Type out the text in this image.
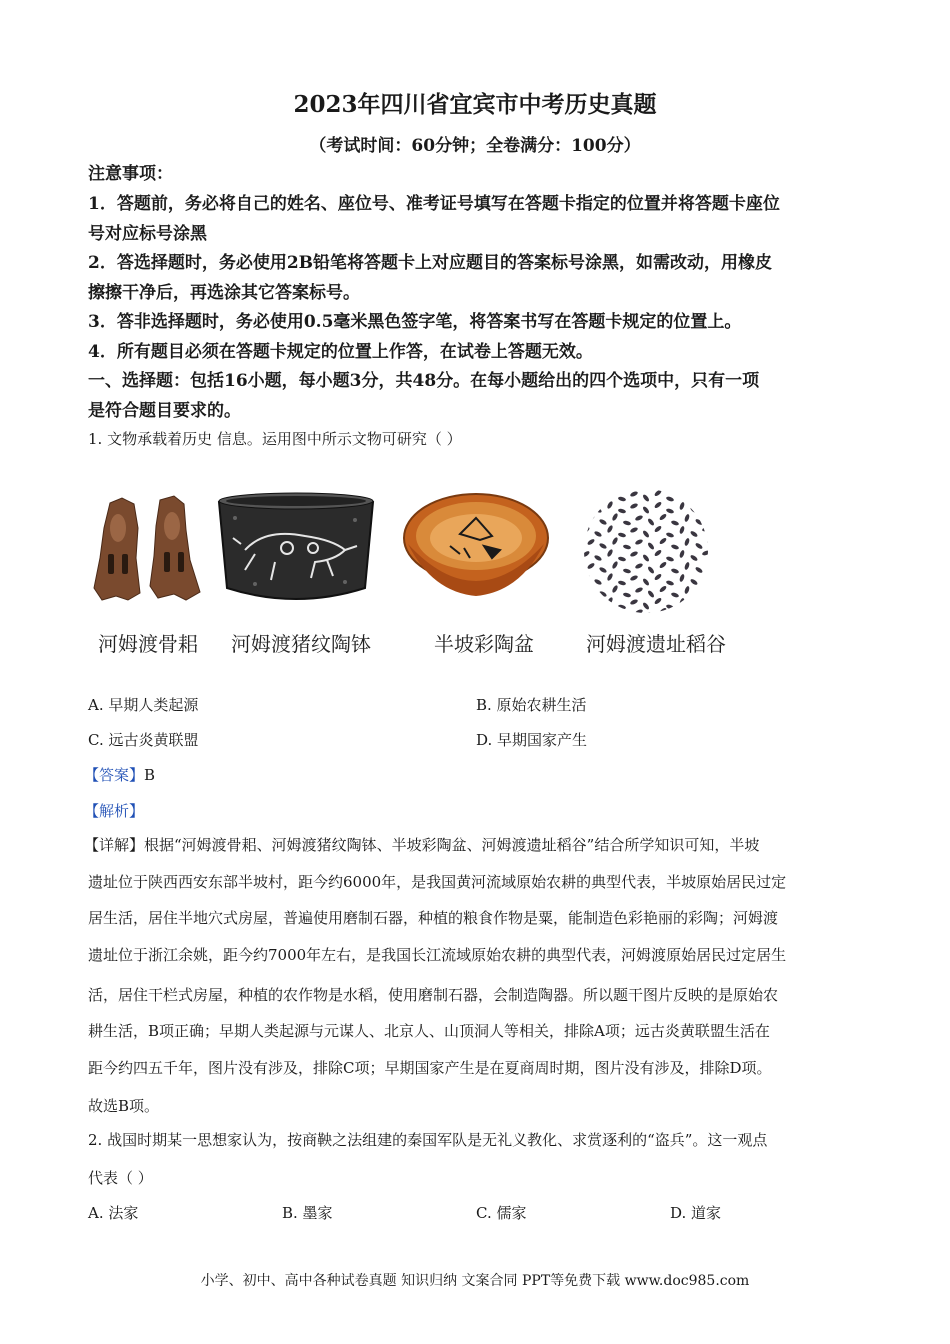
2023年四川省宜宾市中考历史真题
（考试时间：60分钟；全卷满分：100分）
注意事项：
1．答题前，务必将自己的姓名、座位号、准考证号填写在答题卡指定的位置并将答题卡座位
号对应标号涂黑
2．答选择题时，务必使用2B铅笔将答题卡上对应题目的答案标号涂黑，如需改动，用橡皮
擦擦干净后，再选涂其它答案标号。
3．答非选择题时，务必使用0.5毫米黑色签字笔，将答案书写在答题卡规定的位置上。
4．所有题目必须在答题卡规定的位置上作答，在试卷上答题无效。
一、选择题：包括16小题，每小题3分，共48分。在每小题给出的四个选项中，只有一项
是符合题目要求的。
1. 文物承载着历史 信息。运用图中所示文物可研究（ ）
河姆渡骨耜 河姆渡猪纹陶钵	半坡彩陶盆	河姆渡遗址稻谷
A. 早期人类起源	B. 原始农耕生活
C. 远古炎黄联盟	D. 早期国家产生
【答案】B
【解析】
【详解】根据“河姆渡骨耜、河姆渡猪纹陶钵、半坡彩陶盆、河姆渡遗址稻谷”结合所学知识可知，半坡
遗址位于陕西西安东部半坡村，距今约6000年，是我国黄河流域原始农耕的典型代表，半坡原始居民过定
居生活，居住半地穴式房屋，普遍使用磨制石器，种植的粮食作物是粟，能制造色彩艳丽的彩陶；河姆渡
遗址位于浙江余姚，距今约7000年左右，是我国长江流域原始农耕的典型代表，河姆渡原始居民过定居生
活，居住干栏式房屋，种植的农作物是水稻，使用磨制石器，会制造陶器。所以题干图片反映的是原始农
耕生活，B项正确；早期人类起源与元谋人、北京人、山顶洞人等相关，排除A项；远古炎黄联盟生活在
距今约四五千年，图片没有涉及，排除C项；早期国家产生是在夏商周时期，图片没有涉及，排除D项。
故选B项。
2. 战国时期某一思想家认为，按商鞅之法组建的秦国军队是无礼义教化、求赏逐利的“盗兵”。这一观点
代表（ ）
A. 法家	B. 墨家	C. 儒家	D. 道家
小学、初中、高中各种试卷真题 知识归纳 文案合同 PPT等免费下载 www.doc985.com
